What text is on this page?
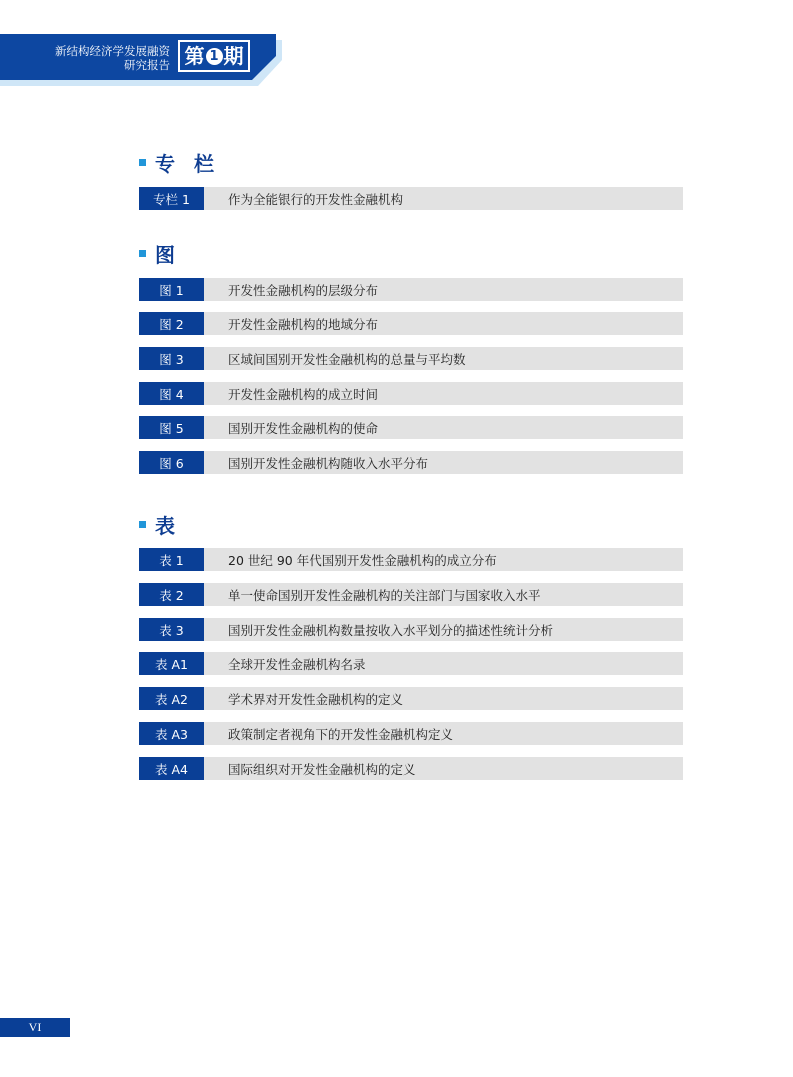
新结构经济学发展融资
研究报告 第 1 期
专 栏
专栏 1	作为全能银行的开发性金融机构
图
图 1	开发性金融机构的层级分布
图 2	开发性金融机构的地域分布
图 3	区域间国别开发性金融机构的总量与平均数
图 4	开发性金融机构的成立时间
图 5	国别开发性金融机构的使命
图 6	国别开发性金融机构随收入水平分布
表
表 1	20 世纪 90 年代国别开发性金融机构的成立分布
表 2	单一使命国别开发性金融机构的关注部门与国家收入水平
表 3	国别开发性金融机构数量按收入水平划分的描述性统计分析
表 A1	全球开发性金融机构名录
表 A2	学术界对开发性金融机构的定义
表 A3	政策制定者视角下的开发性金融机构定义
表 A4	国际组织对开发性金融机构的定义
VI
